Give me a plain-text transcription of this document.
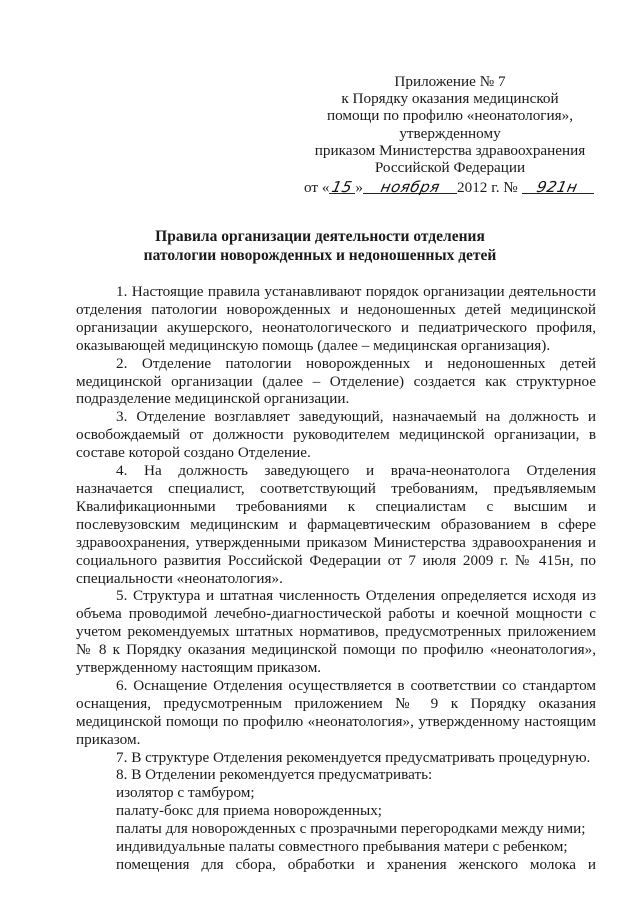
Приложение № 7
к Порядку оказания медицинской
помощи по профилю «неонатология»,
утвержденному
приказом Министерства здравоохранения
Российской Федерации
от «15» ноября 2012 г. № 921н
Правила организации деятельности отделения
патологии новорожденных и недоношенных детей

1. Настоящие правила устанавливают порядок организации деятельности отделения патологии новорожденных и недоношенных детей медицинской организации акушерского, неонатологического и педиатрического профиля, оказывающей медицинскую помощь (далее – медицинская организация).

2. Отделение патологии новорожденных и недоношенных детей медицинской организации (далее – Отделение) создается как структурное подразделение медицинской организации.

3. Отделение возглавляет заведующий, назначаемый на должность и освобождаемый от должности руководителем медицинской организации, в составе которой создано Отделение.

4. На должность заведующего и врача-неонатолога Отделения назначается специалист, соответствующий требованиям, предъявляемым Квалификационными требованиями к специалистам с высшим и послевузовским медицинским и фармацевтическим образованием в сфере здравоохранения, утвержденными приказом Министерства здравоохранения и социального развития Российской Федерации от 7 июля 2009 г. № 415н, по специальности «неонатология».

5. Структура и штатная численность Отделения определяется исходя из объема проводимой лечебно-диагностической работы и коечной мощности с учетом рекомендуемых штатных нормативов, предусмотренных приложением № 8 к Порядку оказания медицинской помощи по профилю «неонатология», утвержденному настоящим приказом.

6. Оснащение Отделения осуществляется в соответствии со стандартом оснащения, предусмотренным приложением № 9 к Порядку оказания медицинской помощи по профилю «неонатология», утвержденному настоящим приказом.

7. В структуре Отделения рекомендуется предусматривать процедурную.

8. В Отделении рекомендуется предусматривать:

изолятор с тамбуром;

палату-бокс для приема новорожденных;

палаты для новорожденных с прозрачными перегородками между ними;

индивидуальные палаты совместного пребывания матери с ребенком;

помещения для сбора, обработки и хранения женского молока и
